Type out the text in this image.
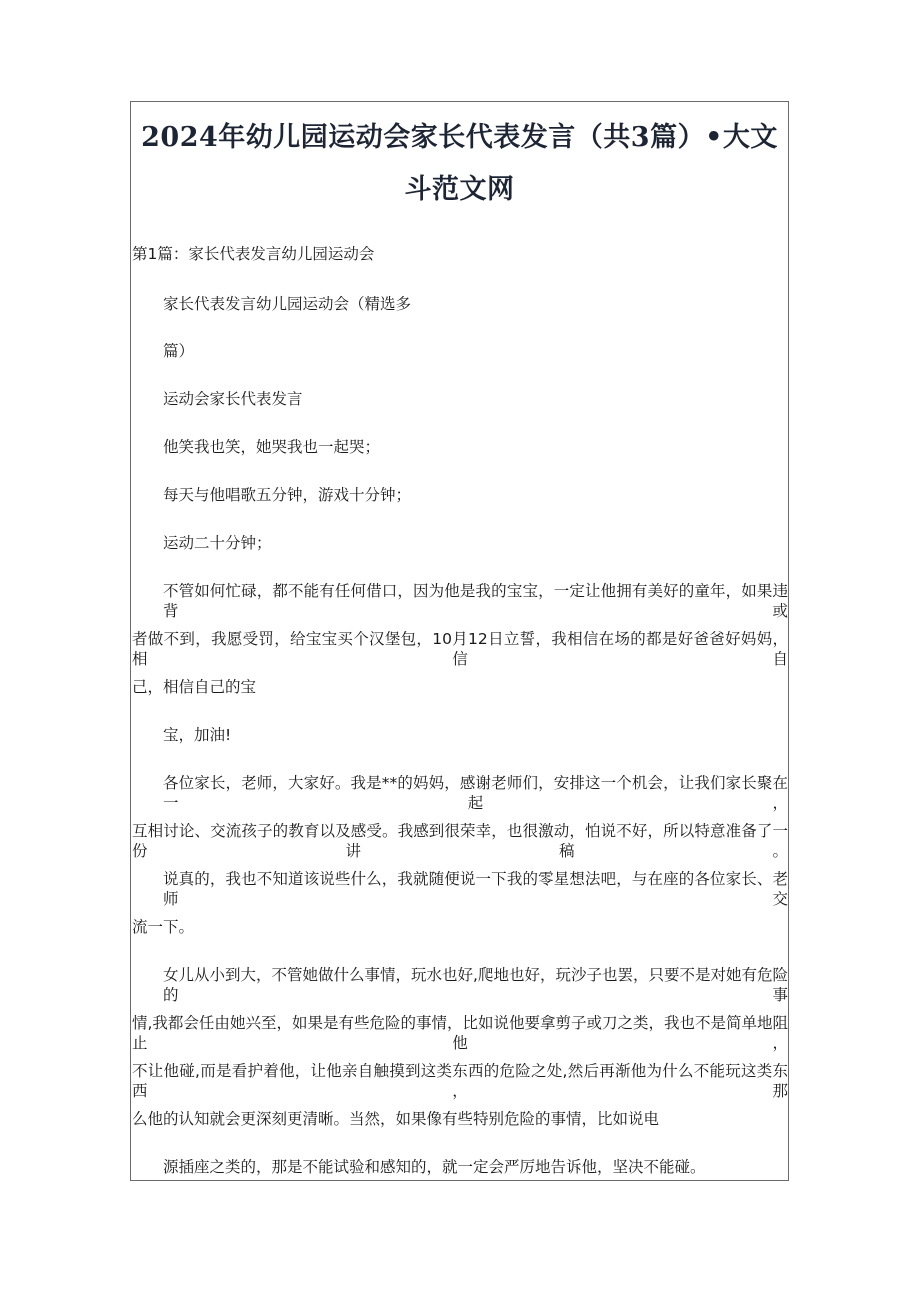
2024年幼儿园运动会家长代表发言（共3篇）•大文斗范文网

第1篇：家长代表发言幼儿园运动会

家长代表发言幼儿园运动会（精选多

篇）

运动会家长代表发言

他笑我也笑，她哭我也一起哭；

每天与他唱歌五分钟，游戏十分钟；

运动二十分钟；

不管如何忙碌，都不能有任何借口，因为他是我的宝宝，一定让他拥有美好的童年，如果违背或

者做不到，我愿受罚，给宝宝买个汉堡包，10月12日立誓，我相信在场的都是好爸爸好妈妈，相信自

己，相信自己的宝

宝，加油!

各位家长，老师，大家好。我是**的妈妈，感谢老师们，安排这一个机会，让我们家长聚在一起，

互相讨论、交流孩子的教育以及感受。我感到很荣幸，也很激动，怕说不好，所以特意准备了一份讲稿。

说真的，我也不知道该说些什么，我就随便说一下我的零星想法吧，与在座的各位家长、老师交

流一下。

女儿从小到大，不管她做什么事情，玩水也好,爬地也好，玩沙子也罢，只要不是对她有危险的事

情,我都会任由她兴至，如果是有些危险的事情，比如说他要拿剪子或刀之类，我也不是简单地阻止他，

不让他碰,而是看护着他，让他亲自触摸到这类东西的危险之处,然后再渐他为什么不能玩这类东西，那

么他的认知就会更深刻更清晰。当然，如果像有些特别危险的事情，比如说电

源插座之类的，那是不能试验和感知的，就一定会严厉地告诉他，坚决不能碰。
